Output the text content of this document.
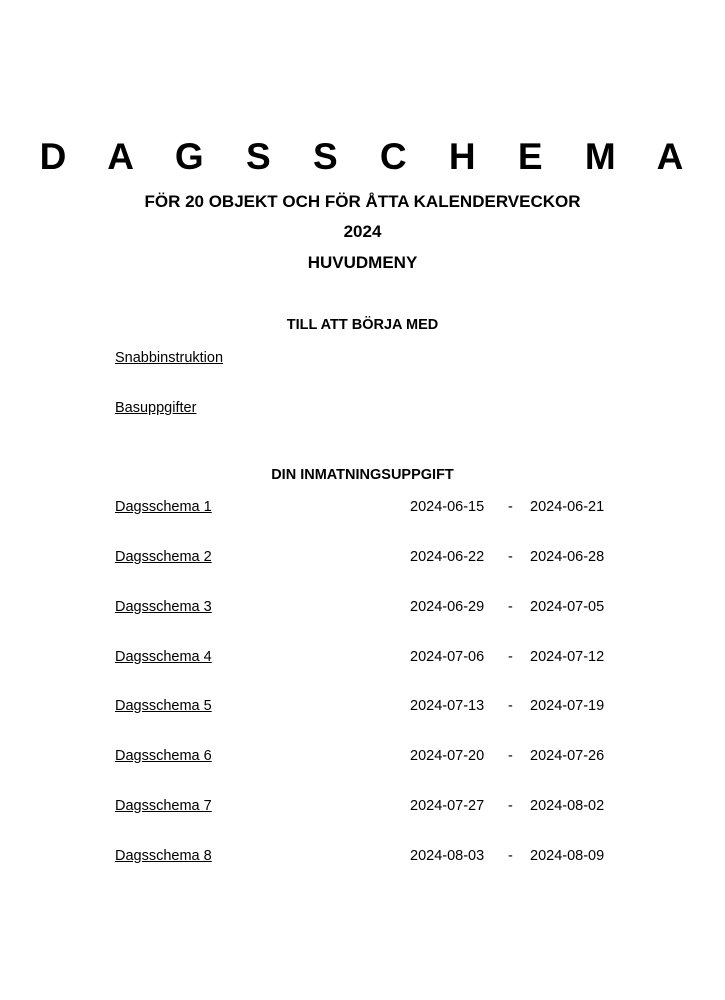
D A G S S C H E M A
FÖR 20 OBJEKT OCH FÖR ÅTTA KALENDERVECKOR
2024
HUVUDMENY
TILL ATT BÖRJA MED
Snabbinstruktion
Basuppgifter
DIN INMATNINGSUPPGIFT
Dagsschema 1	2024-06-15 - 2024-06-21
Dagsschema 2	2024-06-22 - 2024-06-28
Dagsschema 3	2024-06-29 - 2024-07-05
Dagsschema 4	2024-07-06 - 2024-07-12
Dagsschema 5	2024-07-13 - 2024-07-19
Dagsschema 6	2024-07-20 - 2024-07-26
Dagsschema 7	2024-07-27 - 2024-08-02
Dagsschema 8	2024-08-03 - 2024-08-09
